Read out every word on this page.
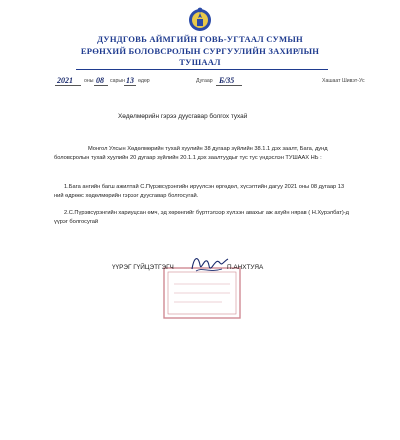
ДУНДГОВЬ АЙМГИЙН ГОВЬ-УГТААЛ СУМЫН
ЕРӨНХИЙ БОЛОВСРОЛЫН СУРГУУЛИЙН ЗАХИРЛЫН
ТУШААЛ
2021 оны 08 сарын 13 өдөр	Дугаар Б/35	Хашаат Шивэт-Ус
Хөдөлмөрийн гэрээ дуусгавар болгох тухай
Монгол Улсын Хөдөлмөрийн тухай хуулийн 38 дугаар зүйлийн 38.1.1 дэх заалт, Бага, дунд боловсролын тухай хуулийн 20 дугаар зүйлийн 20.1.1 дэх заалтуудыг тус тус үндэслэн ТУШААХ НЬ :
1.Бага ангийн багш ажилтай С.Пүрэвсүрэнгийн ирүүлсэн өргөдөл, хүсэлтийн дагуу 2021 оны 08 дугаар 13 ний өдрөөс хөдөлмөрийн гэрээг дуусгавар болгосугай.
2.С.Пүрэвсүрэнгийн хариуцсан өмч, эд хөрөнгийг бүртгэлээр хүлээн авахыг аж ахуйн нярав ( Н.Хурэлбат)-д үүрэг болгосугай
ҮҮРЭГ ГҮЙЦЭТГЭГЧ	П.АНХТУЯА
